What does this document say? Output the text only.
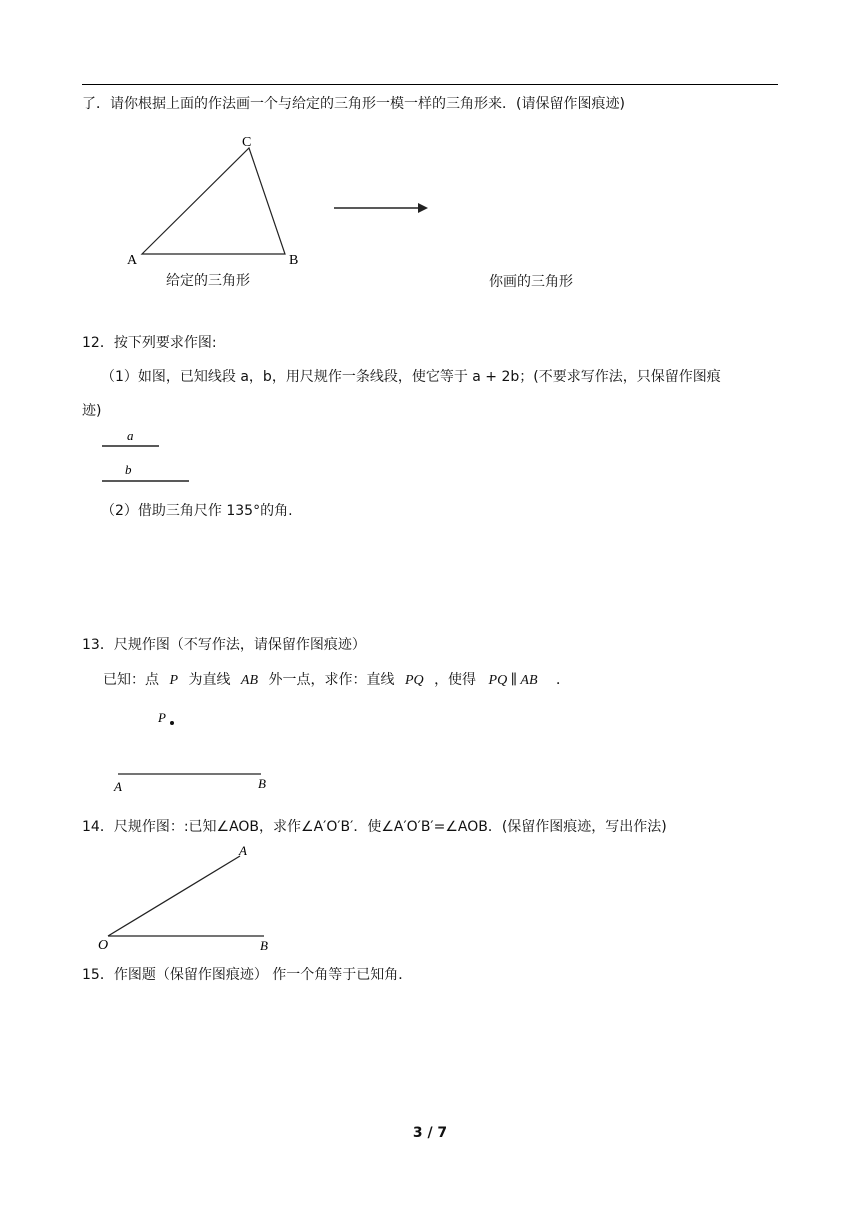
了．请你根据上面的作法画一个与给定的三角形一模一样的三角形来．(请保留作图痕迹)
C
A	B
给定的三角形	你画的三角形
12．按下列要求作图:
（1）如图，已知线段 a，b，用尺规作一条线段，使它等于 a + 2b；(不要求写作法，只保留作图痕
迹)
a
b
（2）借助三角尺作 135°的角.
13．尺规作图（不写作法，请保留作图痕迹）
已知：点 P 为直线 AB 外一点，求作：直线 PQ ，使得 PQ ∥ AB ．
P
A	B
14．尺规作图：:已知∠AOB，求作∠A′O′B′．使∠A′O′B′=∠AOB．(保留作图痕迹，写出作法)
A
O	B
15．作图题（保留作图痕迹） 作一个角等于已知角．
3 / 7
